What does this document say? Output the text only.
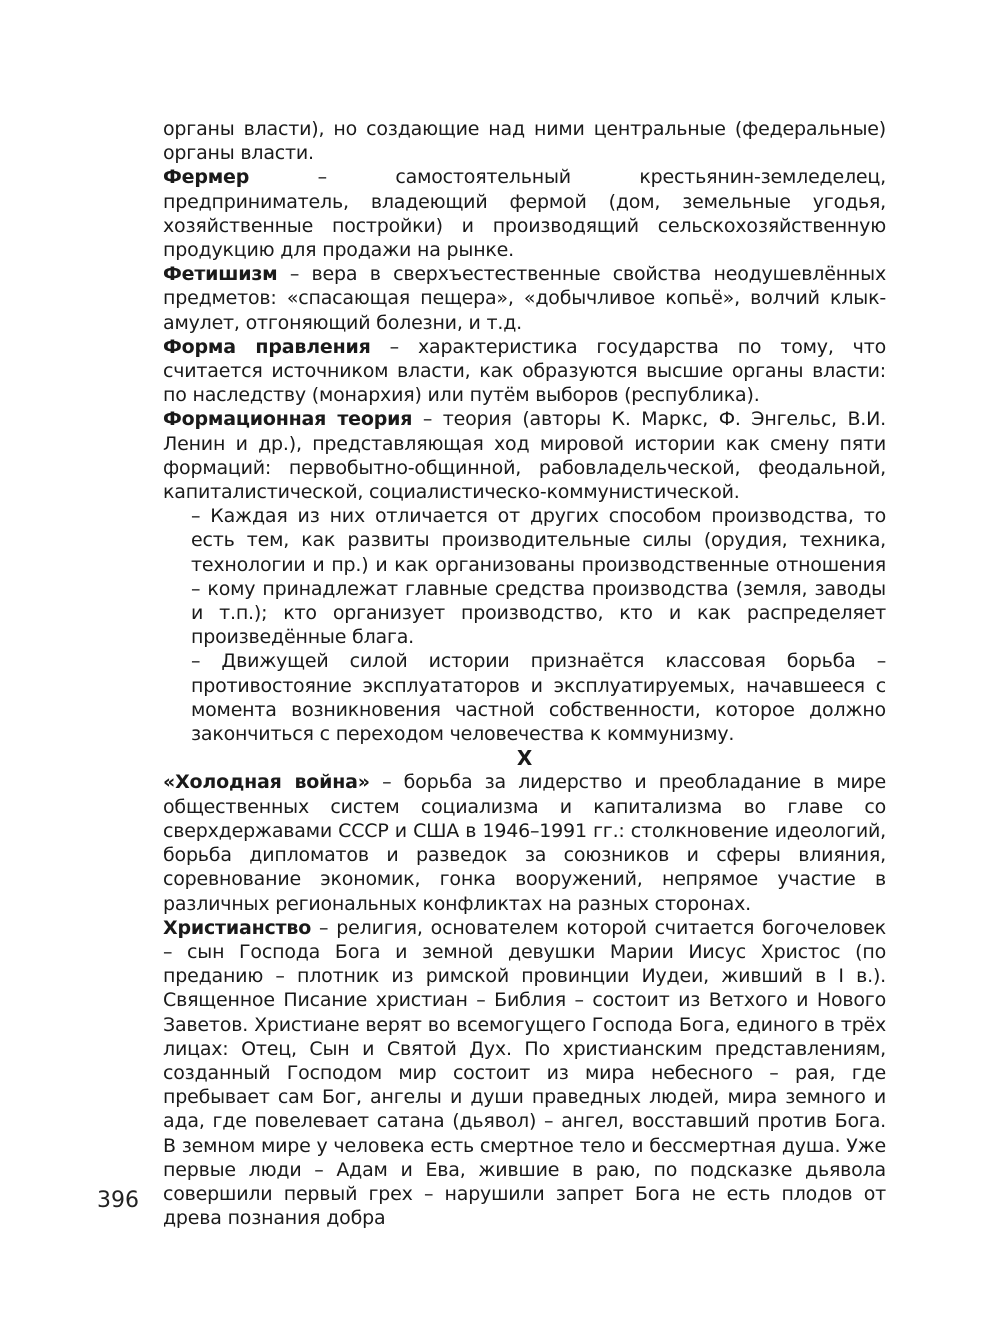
органы власти), но создающие над ними центральные (федеральные) органы власти.

Фермер – самостоятельный крестьянин-земледелец, предприниматель, владеющий фермой (дом, земельные угодья, хозяйственные постройки) и производящий сельскохозяйственную продукцию для продажи на рынке.

Фетишизм – вера в сверхъестественные свойства неодушевлённых предметов: «спасающая пещера», «добычливое копьё», волчий клык-амулет, отгоняющий болезни, и т.д.

Форма правления – характеристика государства по тому, что считается источником власти, как образуются высшие органы власти: по наследству (монархия) или путём выборов (республика).

Формационная теория – теория (авторы К. Маркс, Ф. Энгельс, В.И. Ленин и др.), представляющая ход мировой истории как смену пяти формаций: первобытно-общинной, рабовладельческой, феодальной, капиталистической, социалистическо-коммунистической.

– Каждая из них отличается от других способом производства, то есть тем, как развиты производительные силы (орудия, техника, технологии и пр.) и как организованы производственные отношения – кому принадлежат главные средства производства (земля, заводы и т.п.); кто организует производство, кто и как распределяет произведённые блага.

– Движущей силой истории признаётся классовая борьба – противостояние эксплуататоров и эксплуатируемых, начавшееся с момента возникновения частной собственности, которое должно закончиться с переходом человечества к коммунизму.

Х

«Холодная война» – борьба за лидерство и преобладание в мире общественных систем социализма и капитализма во главе со сверхдержавами СССР и США в 1946–1991 гг.: столкновение идеологий, борьба дипломатов и разведок за союзников и сферы влияния, соревнование экономик, гонка вооружений, непрямое участие в различных региональных конфликтах на разных сторонах.

Христианство – религия, основателем которой считается богочеловек – сын Господа Бога и земной девушки Марии Иисус Христос (по преданию – плотник из римской провинции Иудеи, живший в I в.). Священное Писание христиан – Библия – состоит из Ветхого и Нового Заветов. Христиане верят во всемогущего Господа Бога, единого в трёх лицах: Отец, Сын и Святой Дух. По христианским представлениям, созданный Господом мир состоит из мира небесного – рая, где пребывает сам Бог, ангелы и души праведных людей, мира земного и ада, где повелевает сатана (дьявол) – ангел, восставший против Бога. В земном мире у человека есть смертное тело и бессмертная душа. Уже первые люди – Адам и Ева, жившие в раю, по подсказке дьявола совершили первый грех – нарушили запрет Бога не есть плодов от древа познания добра

396
